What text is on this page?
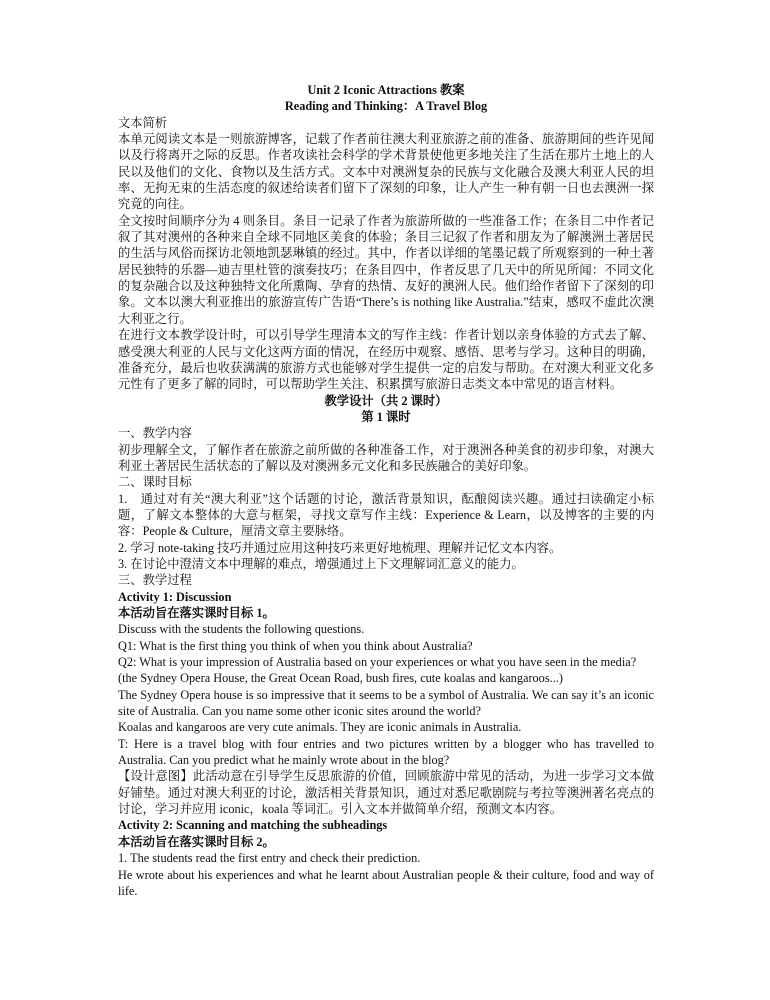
Unit 2 Iconic Attractions 教案
Reading and Thinking：A Travel Blog
文本简析

本单元阅读文本是一则旅游博客，记载了作者前往澳大利亚旅游之前的准备、旅游期间的些许见闻以及行将离开之际的反思。作者攻读社会科学的学术背景使他更多地关注了生活在那片土地上的人民以及他们的文化、食物以及生活方式。文本中对澳洲复杂的民族与文化融合及澳大利亚人民的坦率、无拘无束的生活态度的叙述给读者们留下了深刻的印象，让人产生一种有朝一日也去澳洲一探究竟的向往。

全文按时间顺序分为 4 则条目。条目一记录了作者为旅游所做的一些准备工作；在条目二中作者记叙了其对澳州的各种来自全球不同地区美食的体验；条目三记叙了作者和朋友为了解澳洲土著居民的生活与风俗而探访北领地凯瑟琳镇的经过。其中，作者以详细的笔墨记载了所观察到的一种土著居民独特的乐器—迪吉里杜管的演奏技巧；在条目四中，作者反思了几天中的所见所闻：不同文化的复杂融合以及这种独特文化所熏陶、孕育的热情、友好的澳洲人民。他们给作者留下了深刻的印象。文本以澳大利亚推出的旅游宣传广告语“There’s is nothing like Australia.”结束，感叹不虚此次澳大利亚之行。

在进行文本教学设计时，可以引导学生理清本文的写作主线：作者计划以亲身体验的方式去了解、感受澳大利亚的人民与文化这两方面的情况，在经历中观察、感悟、思考与学习。这种目的明确，准备充分，最后也收获满满的旅游方式也能够对学生提供一定的启发与帮助。在对澳大利亚文化多元性有了更多了解的同时，可以帮助学生关注、积累撰写旅游日志类文本中常见的语言材料。

教学设计（共 2 课时）
第 1 课时
一、教学内容

初步理解全文，了解作者在旅游之前所做的各种准备工作，对于澳洲各种美食的初步印象，对澳大利亚土著居民生活状态的了解以及对澳洲多元文化和多民族融合的美好印象。

二、课时目标

1.　通过对有关“澳大利亚”这个话题的讨论，激活背景知识，酝酿阅读兴趣。通过扫读确定小标题，了解文本整体的大意与框架，寻找文章写作主线：Experience & Learn，以及博客的主要的内容：People & Culture，厘清文章主要脉络。

2. 学习 note-taking 技巧并通过应用这种技巧来更好地梳理、理解并记忆文本内容。

3. 在讨论中澄清文本中理解的难点，增强通过上下文理解词汇意义的能力。

三、教学过程
Activity 1: Discussion
本活动旨在落实课时目标 1。

Discuss with the students the following questions.

Q1: What is the first thing you think of when you think about Australia?

Q2: What is your impression of Australia based on your experiences or what you have seen in the media?

(the Sydney Opera House, the Great Ocean Road, bush fires, cute koalas and kangaroos...)

The Sydney Opera house is so impressive that it seems to be a symbol of Australia. We can say it’s an iconic site of Australia. Can you name some other iconic sites around the world?

Koalas and kangaroos are very cute animals. They are iconic animals in Australia.

T: Here is a travel blog with four entries and two pictures written by a blogger who has travelled to Australia. Can you predict what he mainly wrote about in the blog?

【设计意图】此活动意在引导学生反思旅游的价值，回顾旅游中常见的活动，为进一步学习文本做好铺垫。通过对澳大利亚的讨论，激活相关背景知识，通过对悉尼歌剧院与考拉等澳洲著名亮点的讨论，学习并应用 iconic，koala 等词汇。引入文本并做简单介绍，预测文本内容。

Activity 2: Scanning and matching the subheadings
本活动旨在落实课时目标 2。

1. The students read the first entry and check their prediction.

He wrote about his experiences and what he learnt about Australian people & their culture, food and way of life.
